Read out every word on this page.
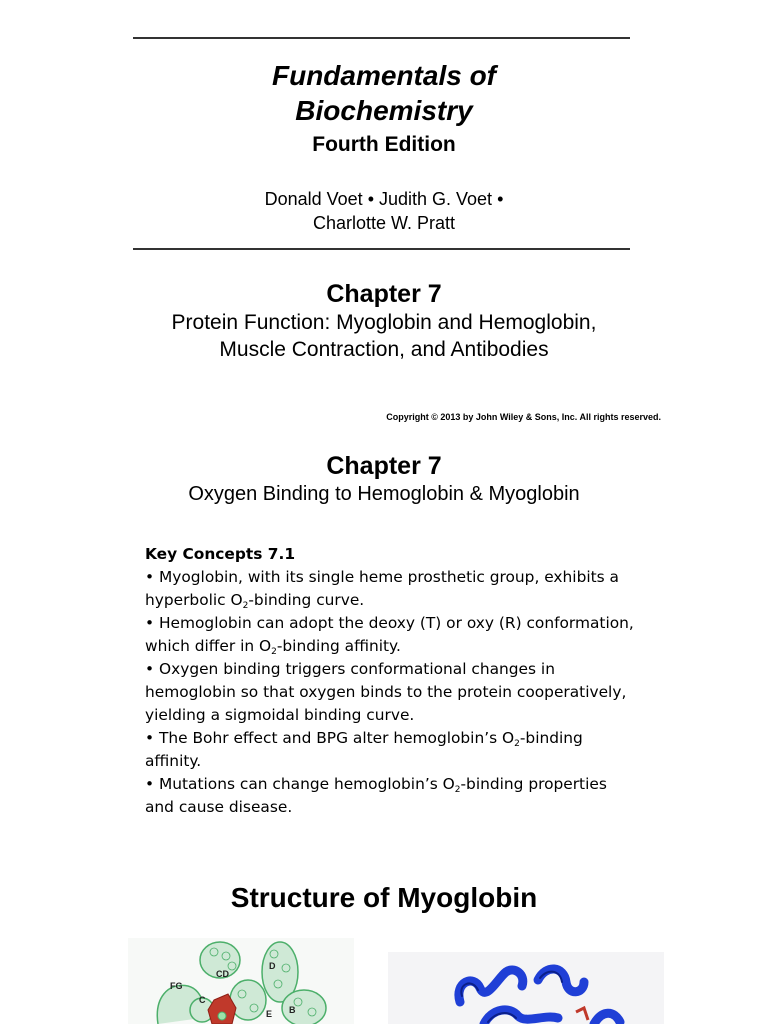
Fundamentals of Biochemistry
Fourth Edition
Donald Voet • Judith G. Voet • Charlotte W. Pratt
Chapter 7
Protein Function: Myoglobin and Hemoglobin, Muscle Contraction, and Antibodies
Copyright © 2013 by John Wiley & Sons, Inc. All rights reserved.
Chapter 7
Oxygen Binding to Hemoglobin & Myoglobin
Key Concepts 7.1

• Myoglobin, with its single heme prosthetic group, exhibits a hyperbolic $O_2$-binding curve.

• Hemoglobin can adopt the deoxy (T) or oxy (R) conformation, which differ in $O_2$-binding affinity.

• Oxygen binding triggers conformational changes in hemoglobin so that oxygen binds to the protein cooperatively, yielding a sigmoidal binding curve.

• The Bohr effect and BPG alter hemoglobin’s $O_2$-binding affinity.

• Mutations can change hemoglobin’s $O_2$-binding properties and cause disease.

Structure of Myoglobin
FG
CD
D
C
E B
